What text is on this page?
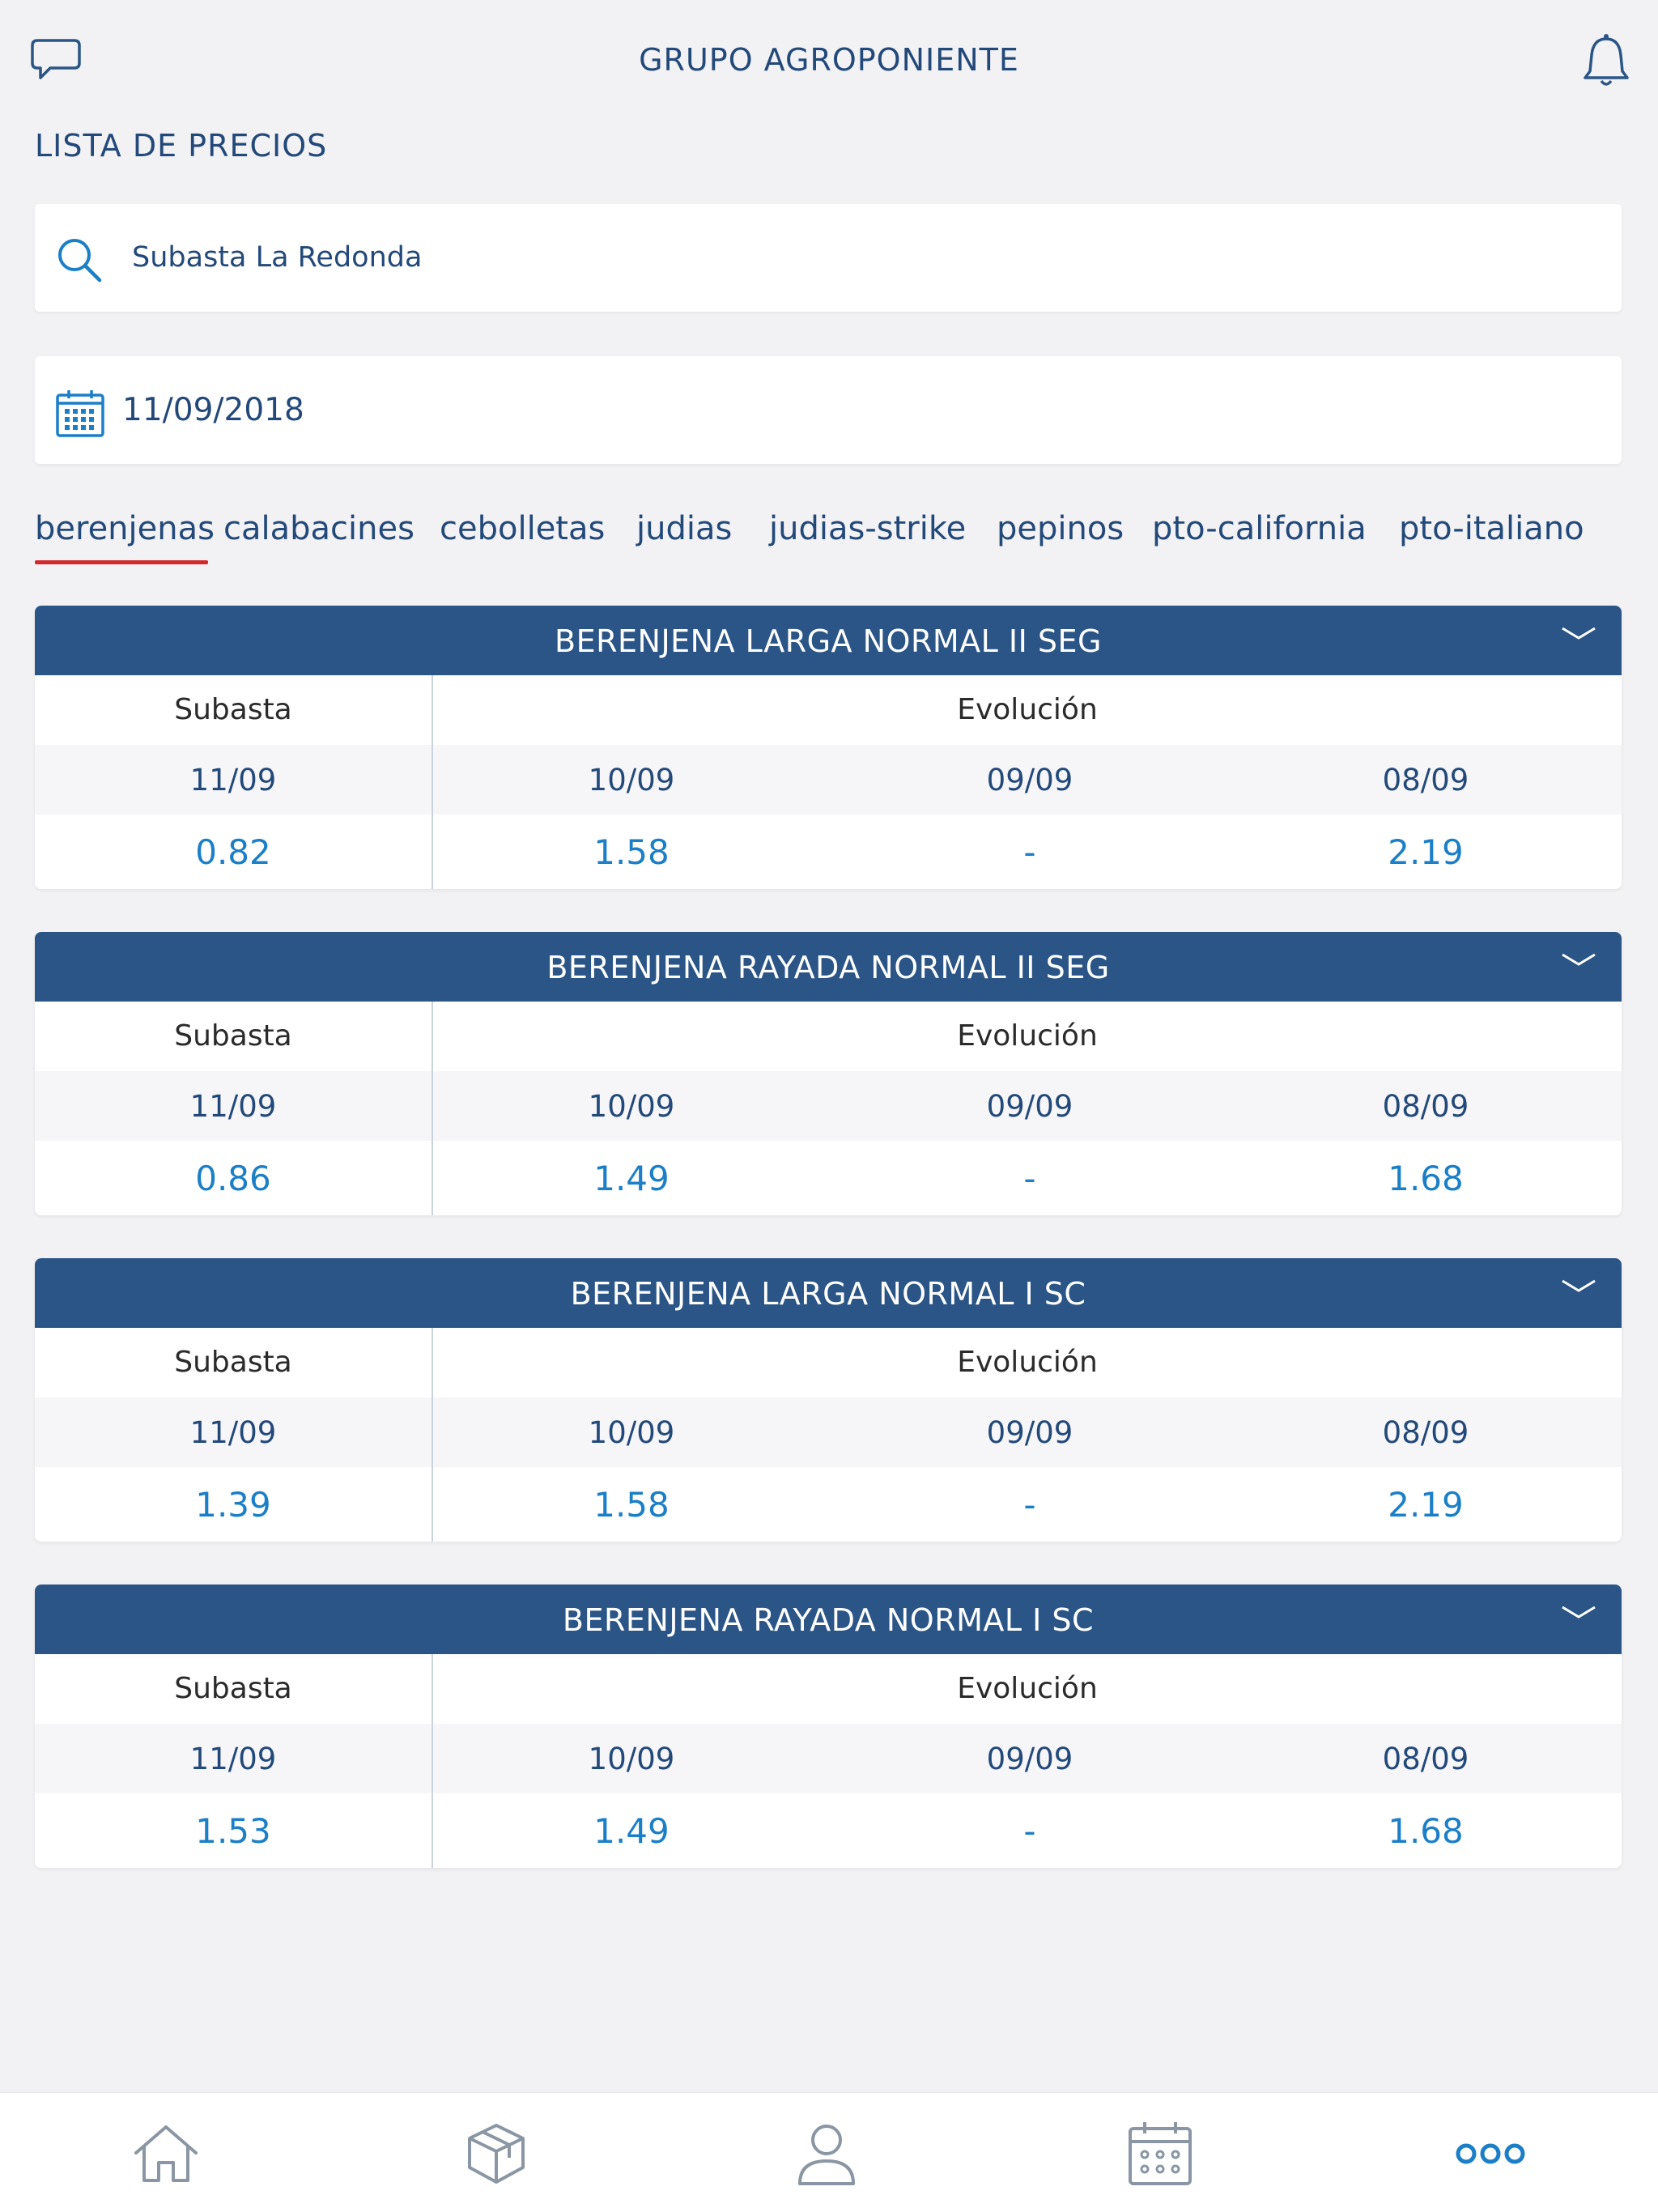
GRUPO AGROPONIENTE
LISTA DE PRECIOS
Subasta La Redonda
11/09/2018
berenjenas calabacines cebolletas judias judias-strike pepinos pto-california pto-italiano
BERENJENA LARGA NORMAL II SEG
Subasta	Evolución
11/09	10/09	09/09	08/09
0.82	1.58	-	2.19
BERENJENA RAYADA NORMAL II SEG
Subasta	Evolución
11/09	10/09	09/09	08/09
0.86	1.49	-	1.68
BERENJENA LARGA NORMAL I SC
Subasta	Evolución
11/09	10/09	09/09	08/09
1.39	1.58	-	2.19
BERENJENA RAYADA NORMAL I SC
Subasta	Evolución
11/09	10/09	09/09	08/09
1.53	1.49	-	1.68
